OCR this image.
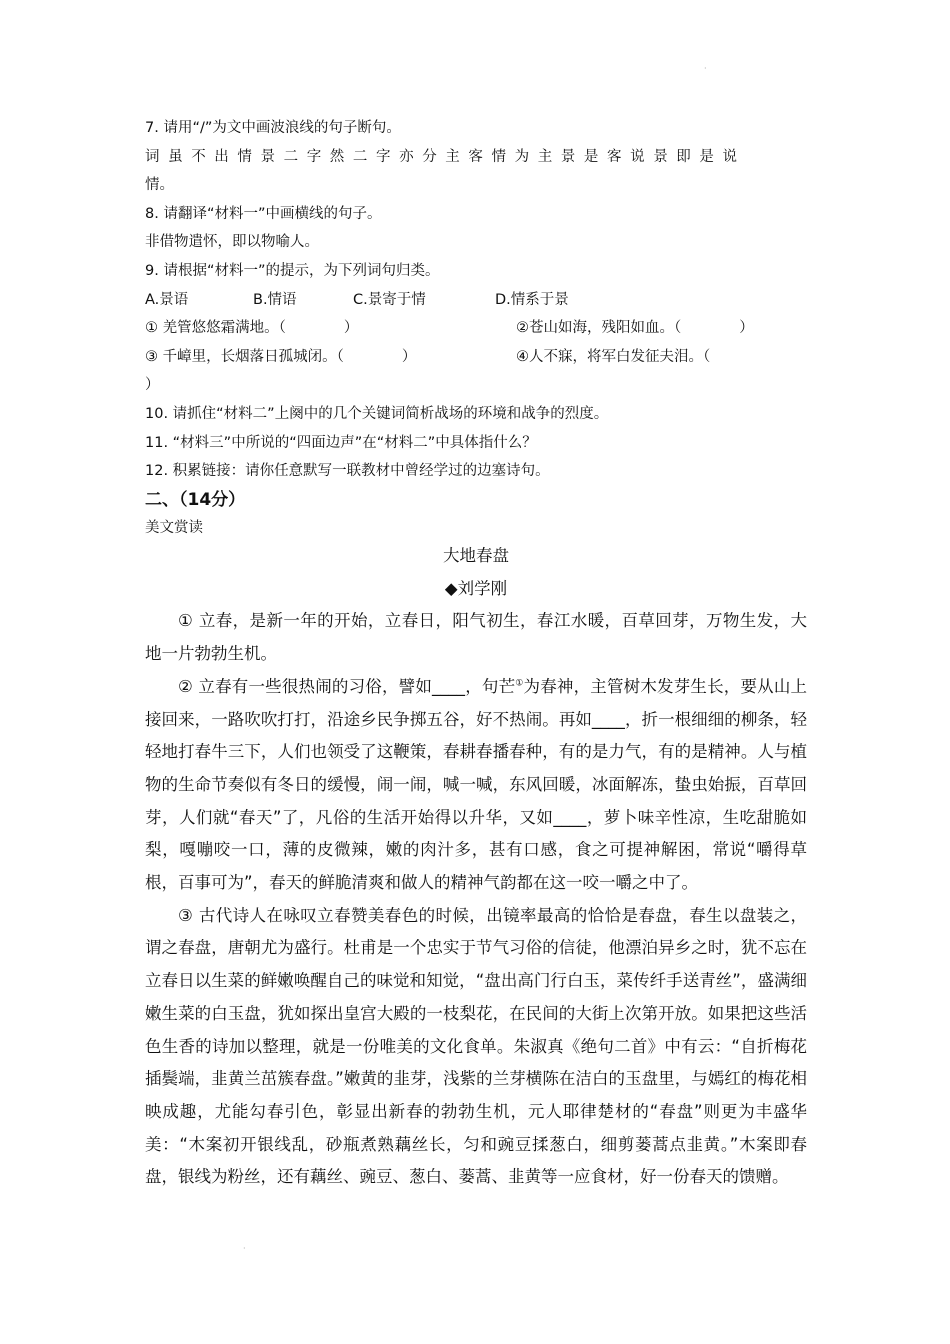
·
·
7. 请用“/”为文中画波浪线的句子断句。
词虽不出情景二字然二字亦分主客情为主景是客说景即是说
情。
8. 请翻译“材料一”中画横线的句子。
非借物遣怀，即以物喻人。
9. 请根据“材料一”的提示，为下列词句归类。
A.景语	B.情语	C.景寄于情	D.情系于景
① 羌管悠悠霜满地。（　　　　）	②苍山如海，残阳如血。（　　　　）
③ 千嶂里，长烟落日孤城闭。（　　　　）	④人不寐，将军白发征夫泪。（
）
10. 请抓住“材料二”上阕中的几个关键词简析战场的环境和战争的烈度。
11. “材料三”中所说的“四面边声”在“材料二”中具体指什么？
12. 积累链接：请你任意默写一联教材中曾经学过的边塞诗句。
二、（14分）
美文赏读
大地春盘
◆刘学刚

① 立春，是新一年的开始，立春日，阳气初生，春江水暖，百草回芽，万物生发，大地一片勃勃生机。

② 立春有一些很热闹的习俗，譬如____，句芒①为春神，主管树木发芽生长，要从山上接回来，一路吹吹打打，沿途乡民争掷五谷，好不热闹。再如____，折一根细细的柳条，轻轻地打春牛三下，人们也领受了这鞭策，春耕春播春种，有的是力气，有的是精神。人与植物的生命节奏似有冬日的缓慢，闹一闹，喊一喊，东风回暖，冰面解冻，蛰虫始振，百草回芽，人们就“春天”了，凡俗的生活开始得以升华，又如____，萝卜味辛性凉，生吃甜脆如梨，嘎嘣咬一口，薄的皮微辣，嫩的肉汁多，甚有口感，食之可提神解困，常说“嚼得草根，百事可为”，春天的鲜脆清爽和做人的精神气韵都在这一咬一嚼之中了。

③ 古代诗人在咏叹立春赞美春色的时候，出镜率最高的恰恰是春盘，春生以盘装之，谓之春盘，唐朝尤为盛行。杜甫是一个忠实于节气习俗的信徒，他漂泊异乡之时，犹不忘在立春日以生菜的鲜嫩唤醒自己的味觉和知觉，“盘出高门行白玉，菜传纤手送青丝”，盛满细嫩生菜的白玉盘，犹如探出皇宫大殿的一枝梨花，在民间的大街上次第开放。如果把这些活色生香的诗加以整理，就是一份唯美的文化食单。朱淑真《绝句二首》中有云：“自折梅花插鬓端，韭黄兰茁簇春盘。”嫩黄的韭芽，浅紫的兰芽横陈在洁白的玉盘里，与嫣红的梅花相映成趣，尤能勾春引色，彰显出新春的勃勃生机，元人耶律楚材的“春盘”则更为丰盛华美：“木案初开银线乱，砂瓶煮熟藕丝长，匀和豌豆揉葱白，细剪蒌蒿点韭黄。”木案即春盘，银线为粉丝，还有藕丝、豌豆、葱白、蒌蒿、韭黄等一应食材，好一份春天的馈赠。
